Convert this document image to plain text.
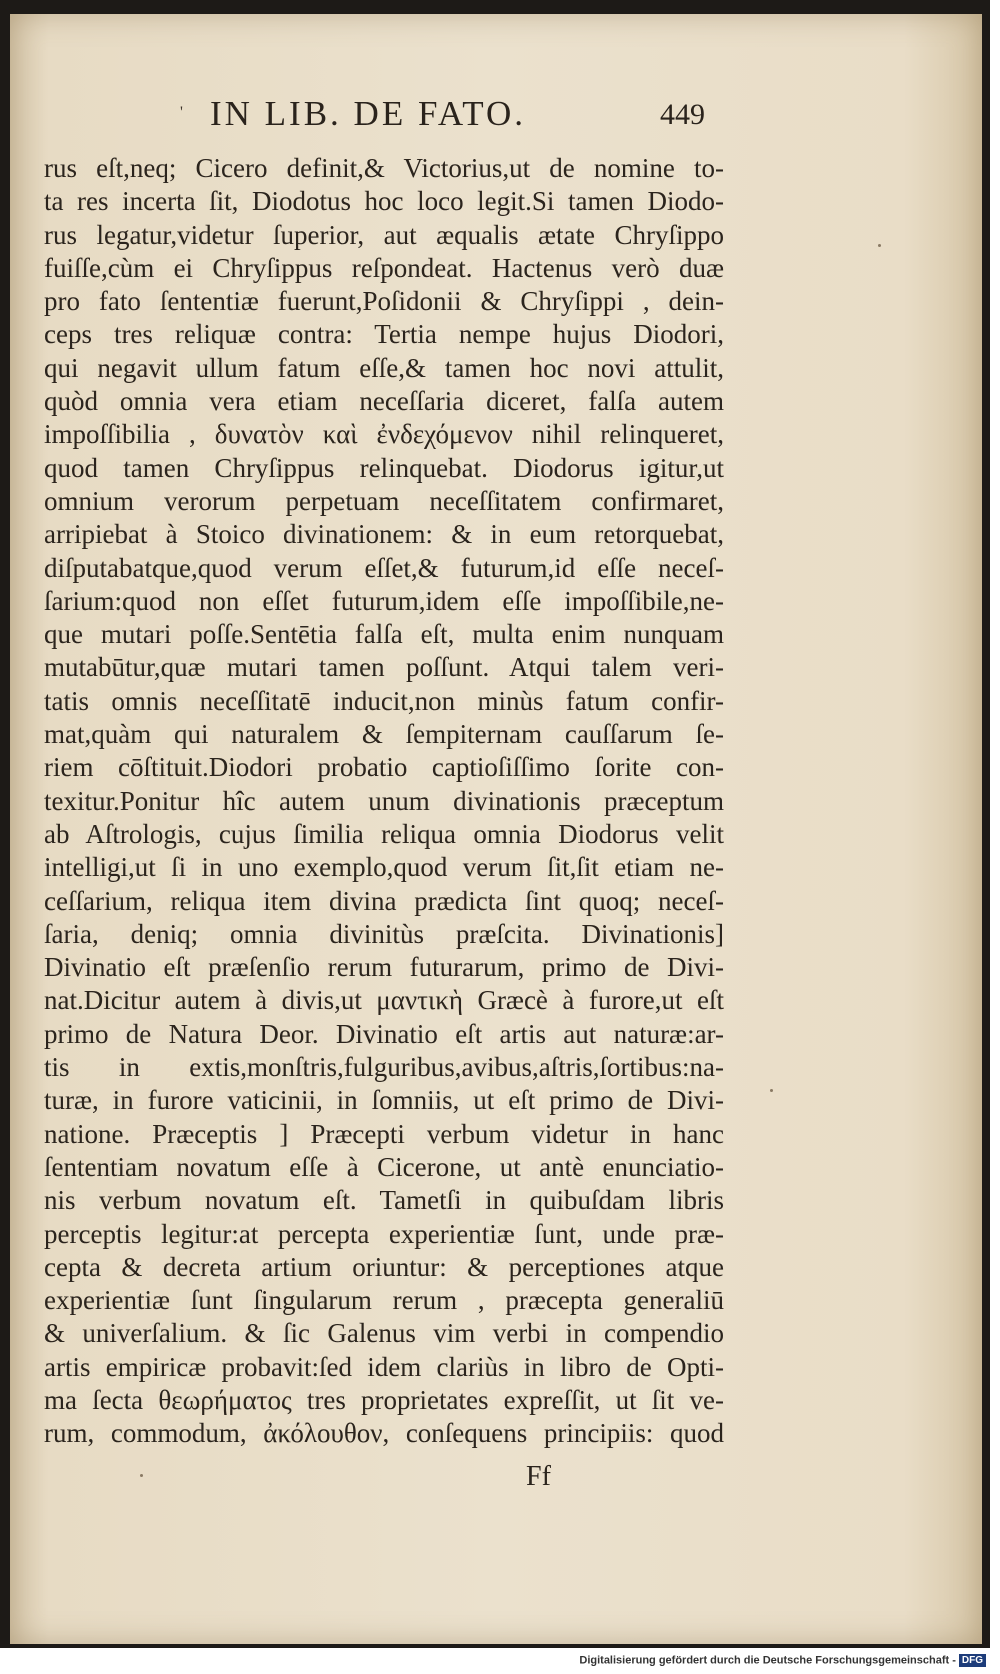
' IN LIB. DE FATO.	449
rus eſt,neq; Cicero definit,& Victorius,ut de nomine to-
ta res incerta ſit, Diodotus hoc loco legit.Si tamen Diodo-
rus legatur,videtur ſuperior, aut æqualis ætate Chryſippo
fuiſſe,cùm ei Chryſippus reſpondeat. Hactenus verò duæ
pro fato ſententiæ fuerunt,Poſidonii & Chryſippi , dein-
ceps tres reliquæ contra: Tertia nempe hujus Diodori,
qui negavit ullum fatum eſſe,& tamen hoc novi attulit,
quòd omnia vera etiam neceſſaria diceret, falſa autem
impoſſibilia , δυνατὸν καὶ ἐνδεχόμενον nihil relinqueret,
quod tamen Chryſippus relinquebat. Diodorus igitur,ut
omnium verorum perpetuam neceſſitatem confirmaret,
arripiebat à Stoico divinationem: & in eum retorquebat,
diſputabatque,quod verum eſſet,& futurum,id eſſe neceſ-
ſarium:quod non eſſet futurum,idem eſſe impoſſibile,ne-
que mutari poſſe.Sentētia falſa eſt, multa enim nunquam
mutabūtur,quæ mutari tamen poſſunt. Atqui talem veri-
tatis omnis neceſſitatē inducit,non minùs fatum confir-
mat,quàm qui naturalem & ſempiternam cauſſarum ſe-
riem cōſtituit.Diodori probatio captioſiſſimo ſorite con-
texitur.Ponitur hîc autem unum divinationis præceptum
ab Aſtrologis, cujus ſimilia reliqua omnia Diodorus velit
intelligi,ut ſi in uno exemplo,quod verum ſit,ſit etiam ne-
ceſſarium, reliqua item divina prædicta ſint quoq; neceſ-
ſaria, deniq; omnia divinitùs præſcita. Divinationis]
Divinatio eſt præſenſio rerum futurarum, primo de Divi-
nat.Dicitur autem à divis,ut μαντικὴ Græcè à furore,ut eſt
primo de Natura Deor. Divinatio eſt artis aut naturæ:ar-
tis in extis,monſtris,fulguribus,avibus,aſtris,ſortibus:na-
turæ, in furore vaticinii, in ſomniis, ut eſt primo de Divi-
natione. Præceptis ] Præcepti verbum videtur in hanc
ſententiam novatum eſſe à Cicerone, ut antè enunciatio-
nis verbum novatum eſt. Tametſi in quibuſdam libris
perceptis legitur:at percepta experientiæ ſunt, unde præ-
cepta & decreta artium oriuntur: & perceptiones atque
experientiæ ſunt ſingularum rerum , præcepta generaliū
& univerſalium. & ſic Galenus vim verbi in compendio
artis empiricæ probavit:ſed idem clariùs in libro de Opti-
ma ſecta θεωρήματος tres proprietates expreſſit, ut ſit ve-
rum, commodum, ἀκόλουθον, conſequens principiis: quod
Ff
Digitalisierung gefördert durch die Deutsche Forschungsgemeinschaft - DFG
